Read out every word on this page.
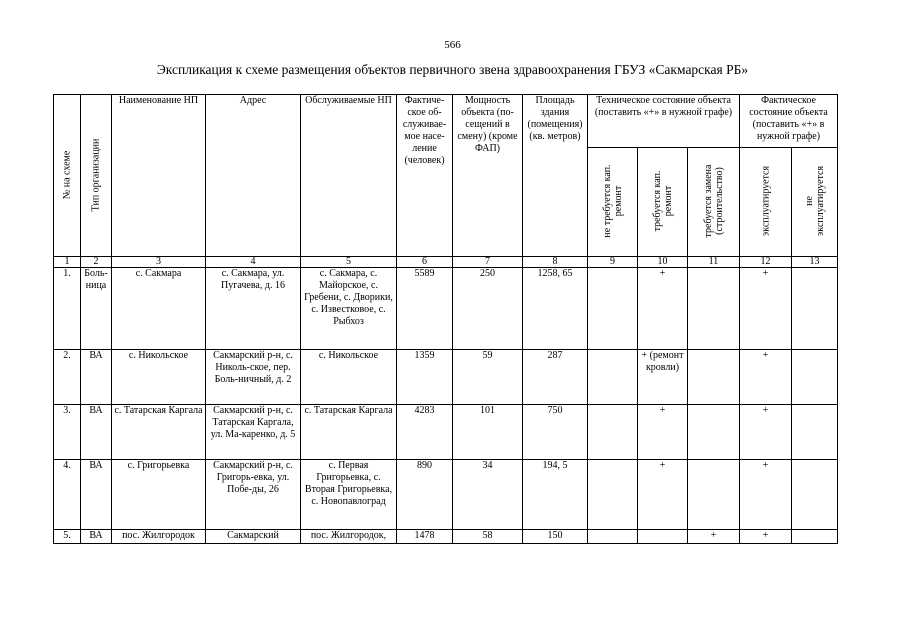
566
Экспликация к схеме размещения объектов первичного звена здравоохранения ГБУЗ «Сакмарская РБ»
№ на схеме	Тип организации	Наименование НП	Адрес	Обслуживаемые НП	Фактиче-ское об-служивае-мое насе-ление (человек)	Мощность объекта (по-сещений в смену) (кроме ФАП)	Площадь здания (помещения) (кв. метров)	Техническое состояние объекта (поставить «+» в нужной графе)			Фактическое состояние объекта (поставить «+» в нужной графе)	

								не требуется кап. ремонт	требуется кап. ремонт	требуется замена (строительство)	эксплуатируется	не эксплуатируется

1	2	3	4	5	6	7	8	9	10	11	12	13
1.	Боль-ница	с. Сакмара	с. Сакмара, ул. Пугачева, д. 16	с. Сакмара, с. Майорское, с. Гребени, с. Дворики, с. Известковое, с. Рыбхоз	5589	250	1258, 65		+		+	
2.	ВА	с. Никольское	Сакмарский р-н, с. Николь-ское, пер. Боль-ничный, д. 2	с. Никольское	1359	59	287		+ (ремонт кровли)		+	
3.	ВА	с. Татарская Каргала	Сакмарский р-н, с. Татарская Каргала, ул. Ма-каренко, д. 5	с. Татарская Каргала	4283	101	750		+		+	
4.	ВА	с. Григорьевка	Сакмарский р-н, с. Григорь-евка, ул. Побе-ды, 26	с. Первая Григорьевка, с. Вторая Григорьевка, с. Новопавлоград	890	34	194, 5		+		+	
5.	ВА	пос. Жилгородок	Сакмарский	пос. Жилгородок,	1478	58	150			+	+	
